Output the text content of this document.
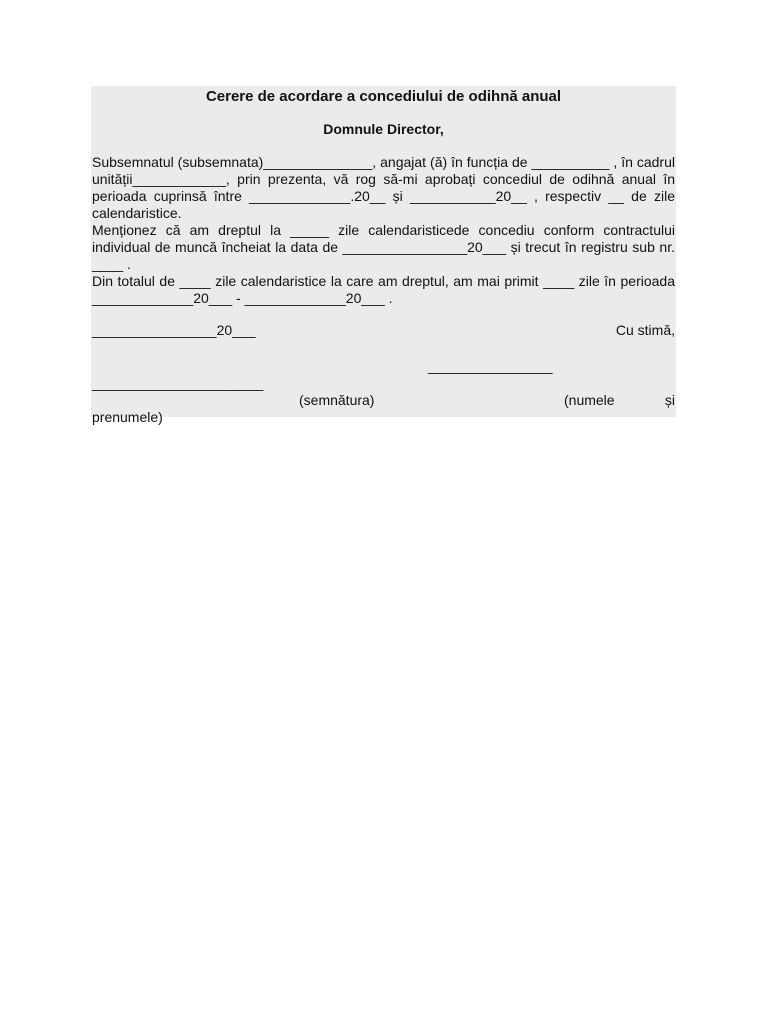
Cerere de acordare a concediului de odihnă anual
Domnule Director,

Subsemnatul (subsemnata)______________, angajat (ă) în funcția de __________ , în cadrul unității____________, prin prezenta, vă rog să-mi aprobați concediul de odihnă anual în perioada cuprinsă între _____________.20__ și ___________20__ , respectiv __ de zile calendaristice.

Menționez că am dreptul la _____ zile calendaristicede concediu conform contractului individual de muncă încheiat la data de ________________20___ și trecut în registru sub nr. ____ .

Din totalul de ____ zile calendaristice la care am dreptul, am mai primit ____ zile în perioada _____________20___ - _____________20___ .

________________20___	Cu stimă,
________________
______________________
(semnătura)	(numele	și
prenumele)
